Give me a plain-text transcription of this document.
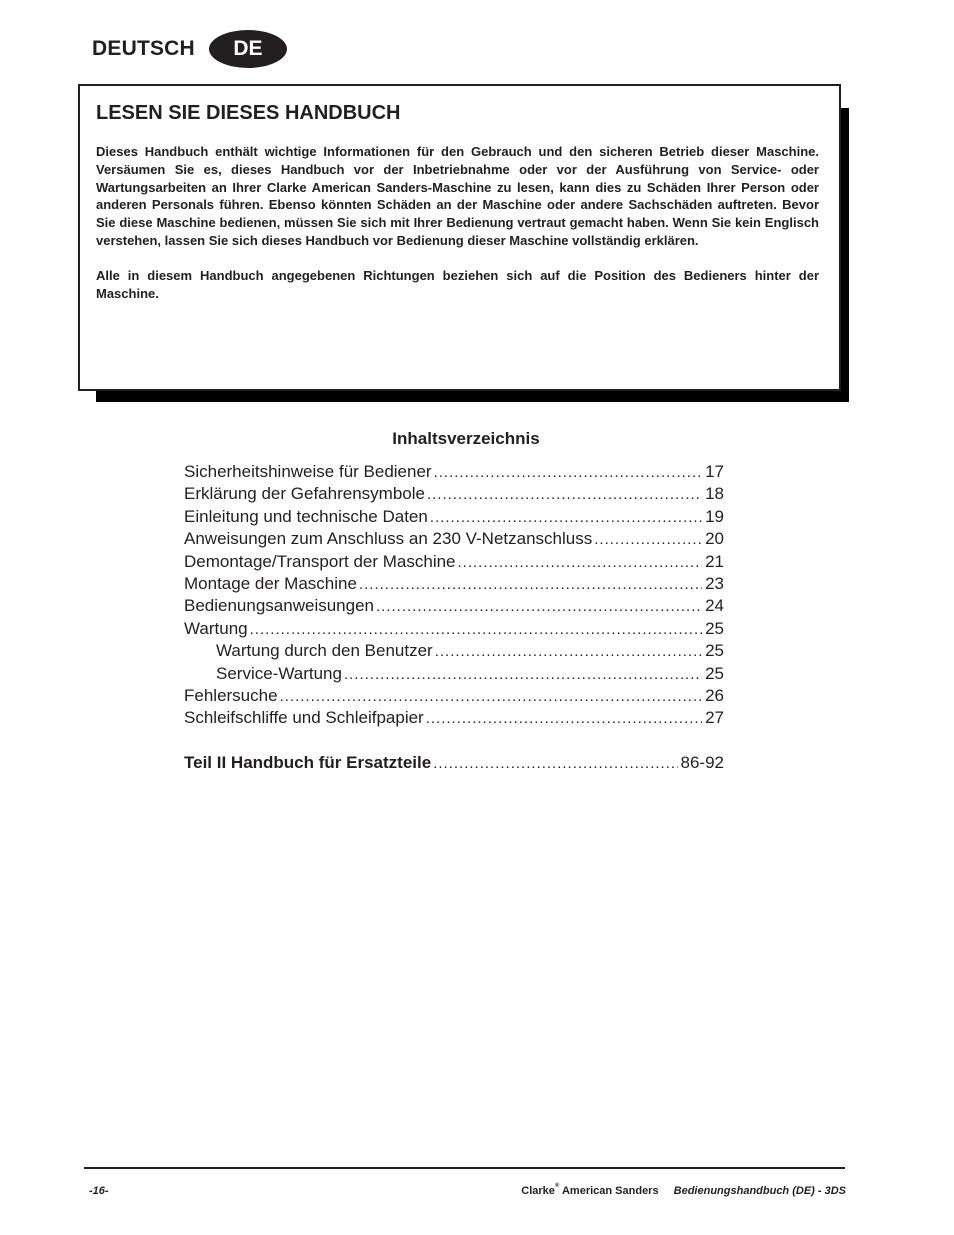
DEUTSCH	DE
LESEN SIE DIESES HANDBUCH

Dieses Handbuch enthält wichtige Informationen für den Gebrauch und den sicheren Betrieb dieser Maschine. Versäumen Sie es, dieses Handbuch vor der Inbetriebnahme oder vor der Ausführung von Service- oder Wartungsarbeiten an Ihrer Clarke American Sanders-Maschine zu lesen, kann dies zu Schäden Ihrer Person oder anderen Personals führen. Ebenso könnten Schäden an der Maschine oder andere Sachschäden auftreten. Bevor Sie diese Maschine bedienen, müssen Sie sich mit Ihrer Bedienung vertraut gemacht haben. Wenn Sie kein Englisch verstehen, lassen Sie sich dieses Handbuch vor Bedienung dieser Maschine vollständig erklären.

Alle in diesem Handbuch angegebenen Richtungen beziehen sich auf die Position des Bedieners hinter der Maschine.

Inhaltsverzeichnis
Sicherheitshinweise für Bediener .....	17
Erklärung der Gefahrensymbole .....	18
Einleitung und technische Daten .....	19
Anweisungen zum Anschluss an 230 V-Netzanschluss .....	20
Demontage/Transport der Maschine .....	21
Montage der Maschine .....	23
Bedienungsanweisungen .....	24
Wartung .....	25
Wartung durch den Benutzer .....	25
Service-Wartung .....	25
Fehlersuche .....	26
Schleifschliffe und Schleifpapier .....	27
Teil II Handbuch für Ersatzteile .....	86-92
-16-	Clarke® American Sanders Bedienungshandbuch (DE) - 3DS
